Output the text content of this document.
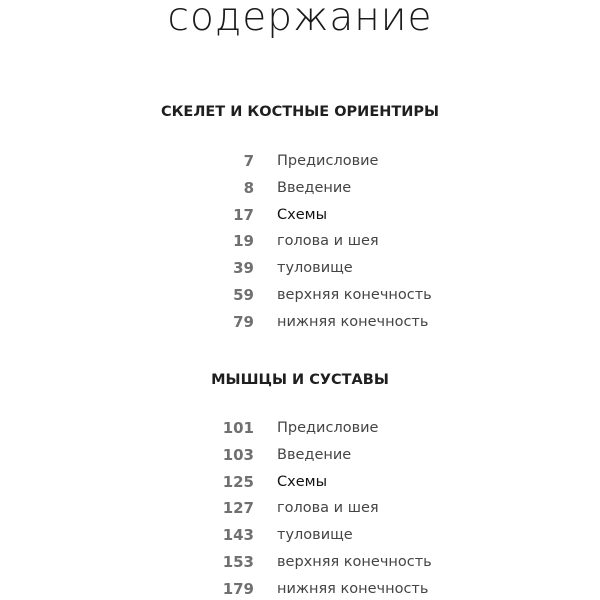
содержание
СКЕЛЕТ И КОСТНЫЕ ОРИЕНТИРЫ
7 Предисловие
8 Введение
17 Схемы
19 голова и шея
39 туловище
59 верхняя конечность
79 нижняя конечность
МЫШЦЫ И СУСТАВЫ
101 Предисловие
103 Введение
125 Схемы
127 голова и шея
143 туловище
153 верхняя конечность
179 нижняя конечность
